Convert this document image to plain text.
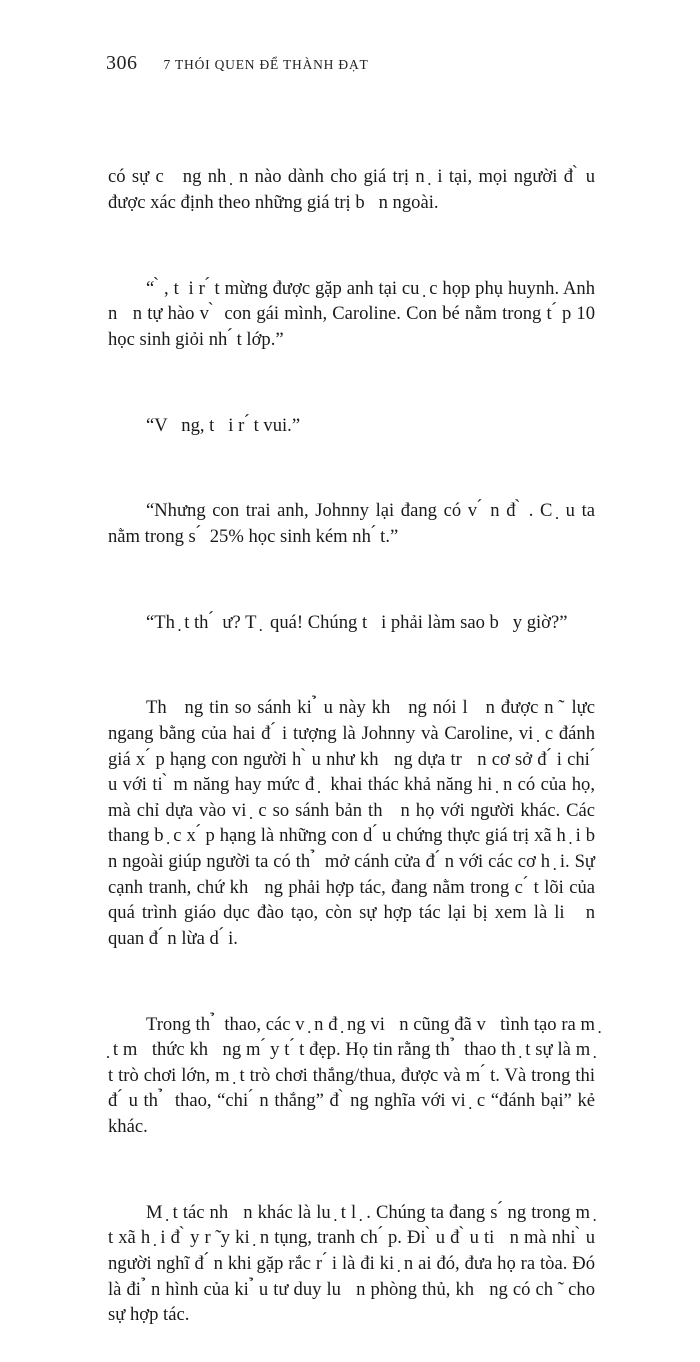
306 7 THÓI QUEN ĐỂ THÀNH ĐẠT

có sự c   ng nh ̣ n nào dành cho giá trị n ̣ i tại, mọi người đ ̀ u được xác định theo những giá trị b   n ngoài.

“ ̀ , t  i r ́ t mừng được gặp anh tại cu ̣ c họp phụ huynh. Anh n   n tự hào v ̀  con gái mình, Caroline. Con bé nằm trong t ́ p 10 học sinh giỏi nh ́ t lớp.”

“V   ng, t   i r ́ t vui.”

“Nhưng con trai anh, Johnny lại đang có v ́ n đ ̀ . C ̣ u ta nằm trong s ́  25% học sinh kém nh ́ t.”

“Th ̣ t th ́  ư? T ̣  quá! Chúng t   i phải làm sao b   y giờ?”

Th   ng tin so sánh ki ̉ u này kh   ng nói l   n được n ̃  lực ngang bằng của hai đ ́ i tượng là Johnny và Caroline, vi ̣ c đánh giá x ́ p hạng con người h ̀ u như kh   ng dựa tr   n cơ sở đ ́ i chi ́ u với ti ̀ m năng hay mức đ ̣  khai thác khả năng hi ̣ n có của họ, mà chỉ dựa vào vi ̣ c so sánh bản th   n họ với người khác. Các thang b ̣ c x ́ p hạng là những con d ́ u chứng thực giá trị xã h ̣ i b   n ngoài giúp người ta có th ̉  mở cánh cửa đ ́ n với các cơ h ̣ i. Sự cạnh tranh, chứ kh   ng phải hợp tác, đang nằm trong c ́ t lõi của quá trình giáo dục đào tạo, còn sự hợp tác lại bị xem là li   n quan đ ́ n lừa d ́ i.

Trong th ̉  thao, các v ̣ n đ ̣ ng vi   n cũng đã v   tình tạo ra m ̣ t m   thức kh   ng m ́ y t ́ t đẹp. Họ tin rằng th ̉  thao th ̣ t sự là m ̣ t trò chơi lớn, m ̣ t trò chơi thắng/thua, được và m ́ t. Và trong thi đ ́ u th ̉  thao, “chi ́ n thắng” đ ̀ ng nghĩa với vi ̣ c “đánh bại” kẻ khác.

M ̣ t tác nh   n khác là lu ̣ t l ̣ . Chúng ta đang s ́ ng trong m ̣ t xã h ̣ i đ ̀ y r ̃ y ki ̣ n tụng, tranh ch ́ p. Đi ̀ u đ ̀ u ti   n mà nhi ̀ u người nghĩ đ ́ n khi gặp rắc r ́ i là đi ki ̣ n ai đó, đưa họ ra tòa. Đó là đi ̉ n hình của ki ̉ u tư duy lu   n phòng thủ, kh   ng có ch ̃  cho sự hợp tác.
